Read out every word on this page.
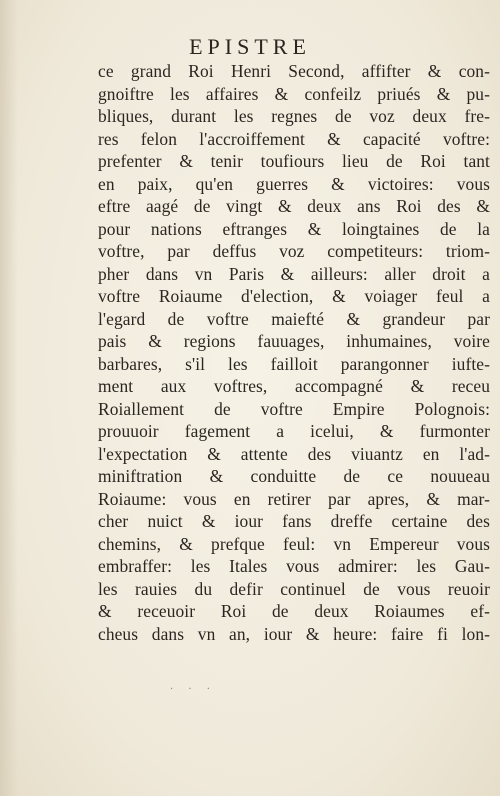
EPISTRE
ce grand Roi Henri Second, affifter & con-
gnoiftre les affaires & confeilz priués & pu-
bliques, durant les regnes de voz deux fre-
res felon l'accroiffement & capacité voftre:
prefenter & tenir toufiours lieu de Roi tant
en paix, qu'en guerres & victoires: vous
eftre aagé de vingt & deux ans Roi des &
pour nations eftranges & loingtaines de la
voftre, par deffus voz competiteurs: triom-
pher dans vn Paris & ailleurs: aller droit a
voftre Roiaume d'election, & voiager feul a
l'egard de voftre maiefté & grandeur par
pais & regions fauuages, inhumaines, voire
barbares, s'il les failloit parangonner iufte-
ment aux voftres, accompagné & receu
Roiallement de voftre Empire Polognois:
prouuoir fagement a icelui, & furmonter
l'expectation & attente des viuantz en l'ad-
miniftration & conduitte de ce nouueau
Roiaume: vous en retirer par apres, & mar-
cher nuict & iour fans dreffe certaine des
chemins, & prefque feul: vn Empereur vous
embraffer: les Itales vous admirer: les Gau-
les rauies du defir continuel de vous reuoir
& receuoir Roi de deux Roiaumes ef-
cheus dans vn an, iour & heure: faire fi lon-
· · ·
